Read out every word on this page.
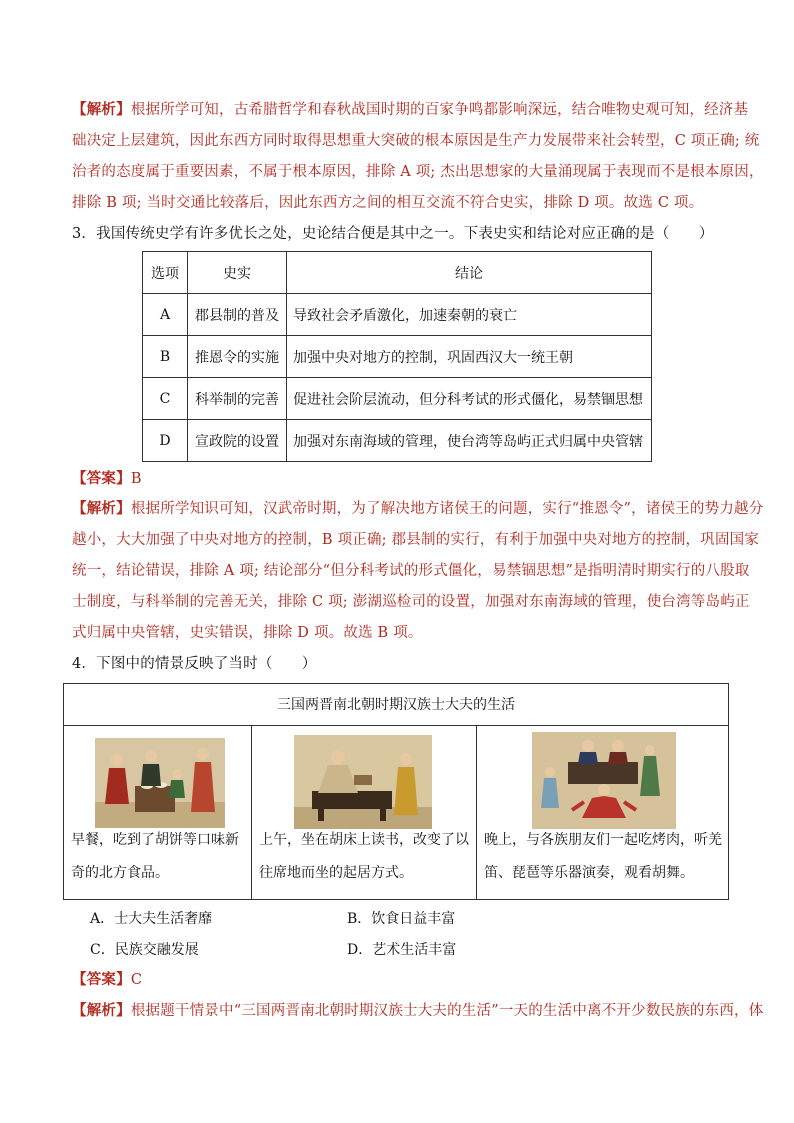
【解析】根据所学可知，古希腊哲学和春秋战国时期的百家争鸣都影响深远，结合唯物史观可知，经济基
础决定上层建筑，因此东西方同时取得思想重大突破的根本原因是生产力发展带来社会转型，C 项正确; 统
治者的态度属于重要因素，不属于根本原因，排除 A 项; 杰出思想家的大量涌现属于表现而不是根本原因，
排除 B 项; 当时交通比较落后，因此东西方之间的相互交流不符合史实，排除 D 项。故选 C 项。
3．我国传统史学有许多优长之处，史论结合便是其中之一。下表史实和结论对应正确的是（　　）
选项	史实	结论
A	郡县制的普及	导致社会矛盾激化，加速秦朝的衰亡
B	推恩令的实施	加强中央对地方的控制，巩固西汉大一统王朝
C	科举制的完善	促进社会阶层流动，但分科考试的形式僵化，易禁锢思想
D	宣政院的设置	加强对东南海域的管理，使台湾等岛屿正式归属中央管辖
【答案】B
【解析】根据所学知识可知，汉武帝时期，为了解决地方诸侯王的问题，实行“推恩令”，诸侯王的势力越分
越小，大大加强了中央对地方的控制，B 项正确; 郡县制的实行，有利于加强中央对地方的控制，巩固国家
统一，结论错误，排除 A 项; 结论部分“但分科考试的形式僵化，易禁锢思想”是指明清时期实行的八股取
士制度，与科举制的完善无关，排除 C 项; 澎湖巡检司的设置，加强对东南海域的管理，使台湾等岛屿正
式归属中央管辖，史实错误，排除 D 项。故选 B 项。
4．下图中的情景反映了当时（　　）
三国两晋南北朝时期汉族士大夫的生活
早餐，吃到了胡饼等口味新
奇的北方食品。
上午，坐在胡床上读书，改变了以
往席地而坐的起居方式。
晚上，与各族朋友们一起吃烤肉，听羌
笛、琵琶等乐器演奏，观看胡舞。
A．士大夫生活奢靡	B．饮食日益丰富
C．民族交融发展	D．艺术生活丰富
【答案】C
【解析】根据题干情景中“三国两晋南北朝时期汉族士大夫的生活”一天的生活中离不开少数民族的东西，体
